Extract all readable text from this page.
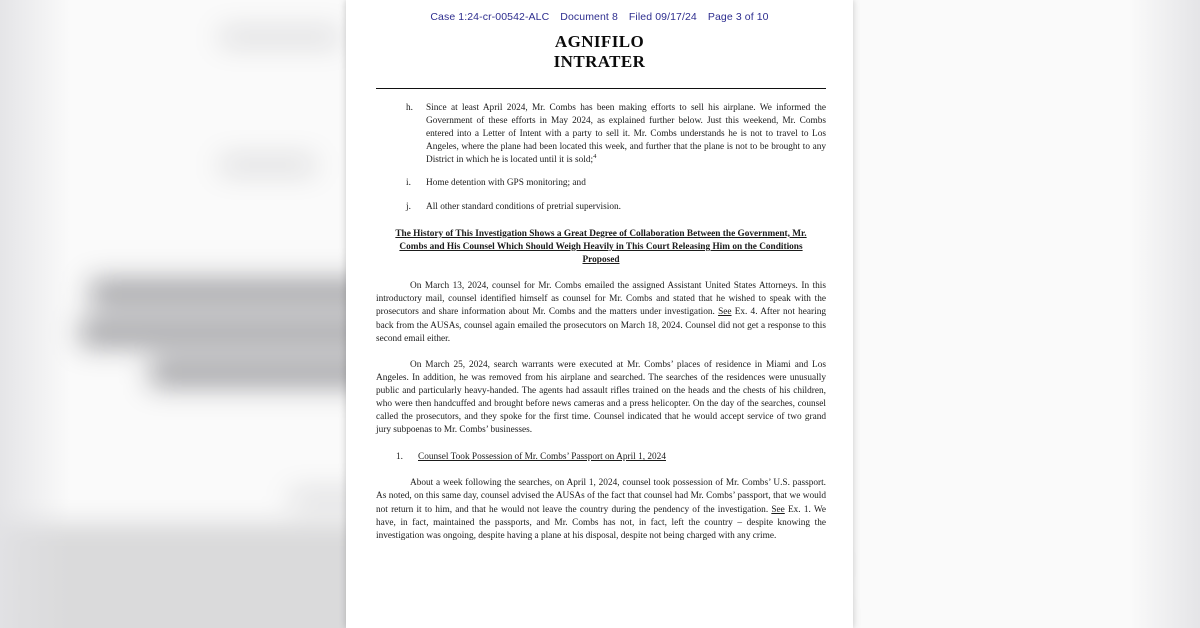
Case 1:24-cr-00542-ALC Document 8 Filed 09/17/24 Page 3 of 10
AGNIFILO
INTRATER
h.	Since at least April 2024, Mr. Combs has been making efforts to sell his airplane. We informed the Government of these efforts in May 2024, as explained further below. Just this weekend, Mr. Combs entered into a Letter of Intent with a party to sell it. Mr. Combs understands he is not to travel to Los Angeles, where the plane had been located this week, and further that the plane is not to be brought to any District in which he is located until it is sold;$^4$
i.	Home detention with GPS monitoring; and
j.	All other standard conditions of pretrial supervision.
The History of This Investigation Shows a Great Degree of Collaboration Between the Government, Mr. Combs and His Counsel Which Should Weigh Heavily in This Court Releasing Him on the Conditions Proposed
On March 13, 2024, counsel for Mr. Combs emailed the assigned Assistant United States Attorneys. In this introductory mail, counsel identified himself as counsel for Mr. Combs and stated that he wished to speak with the prosecutors and share information about Mr. Combs and the matters under investigation. See Ex. 4. After not hearing back from the AUSAs, counsel again emailed the prosecutors on March 18, 2024. Counsel did not get a response to this second email either.
On March 25, 2024, search warrants were executed at Mr. Combs’ places of residence in Miami and Los Angeles. In addition, he was removed from his airplane and searched. The searches of the residences were unusually public and particularly heavy-handed. The agents had assault rifles trained on the heads and the chests of his children, who were then handcuffed and brought before news cameras and a press helicopter. On the day of the searches, counsel called the prosecutors, and they spoke for the first time. Counsel indicated that he would accept service of two grand jury subpoenas to Mr. Combs’ businesses.
1.	Counsel Took Possession of Mr. Combs’ Passport on April 1, 2024
About a week following the searches, on April 1, 2024, counsel took possession of Mr. Combs’ U.S. passport. As noted, on this same day, counsel advised the AUSAs of the fact that counsel had Mr. Combs’ passport, that we would not return it to him, and that he would not leave the country during the pendency of the investigation. See Ex. 1. We have, in fact, maintained the passports, and Mr. Combs has not, in fact, left the country – despite knowing the investigation was ongoing, despite having a plane at his disposal, despite not being charged with any crime.
